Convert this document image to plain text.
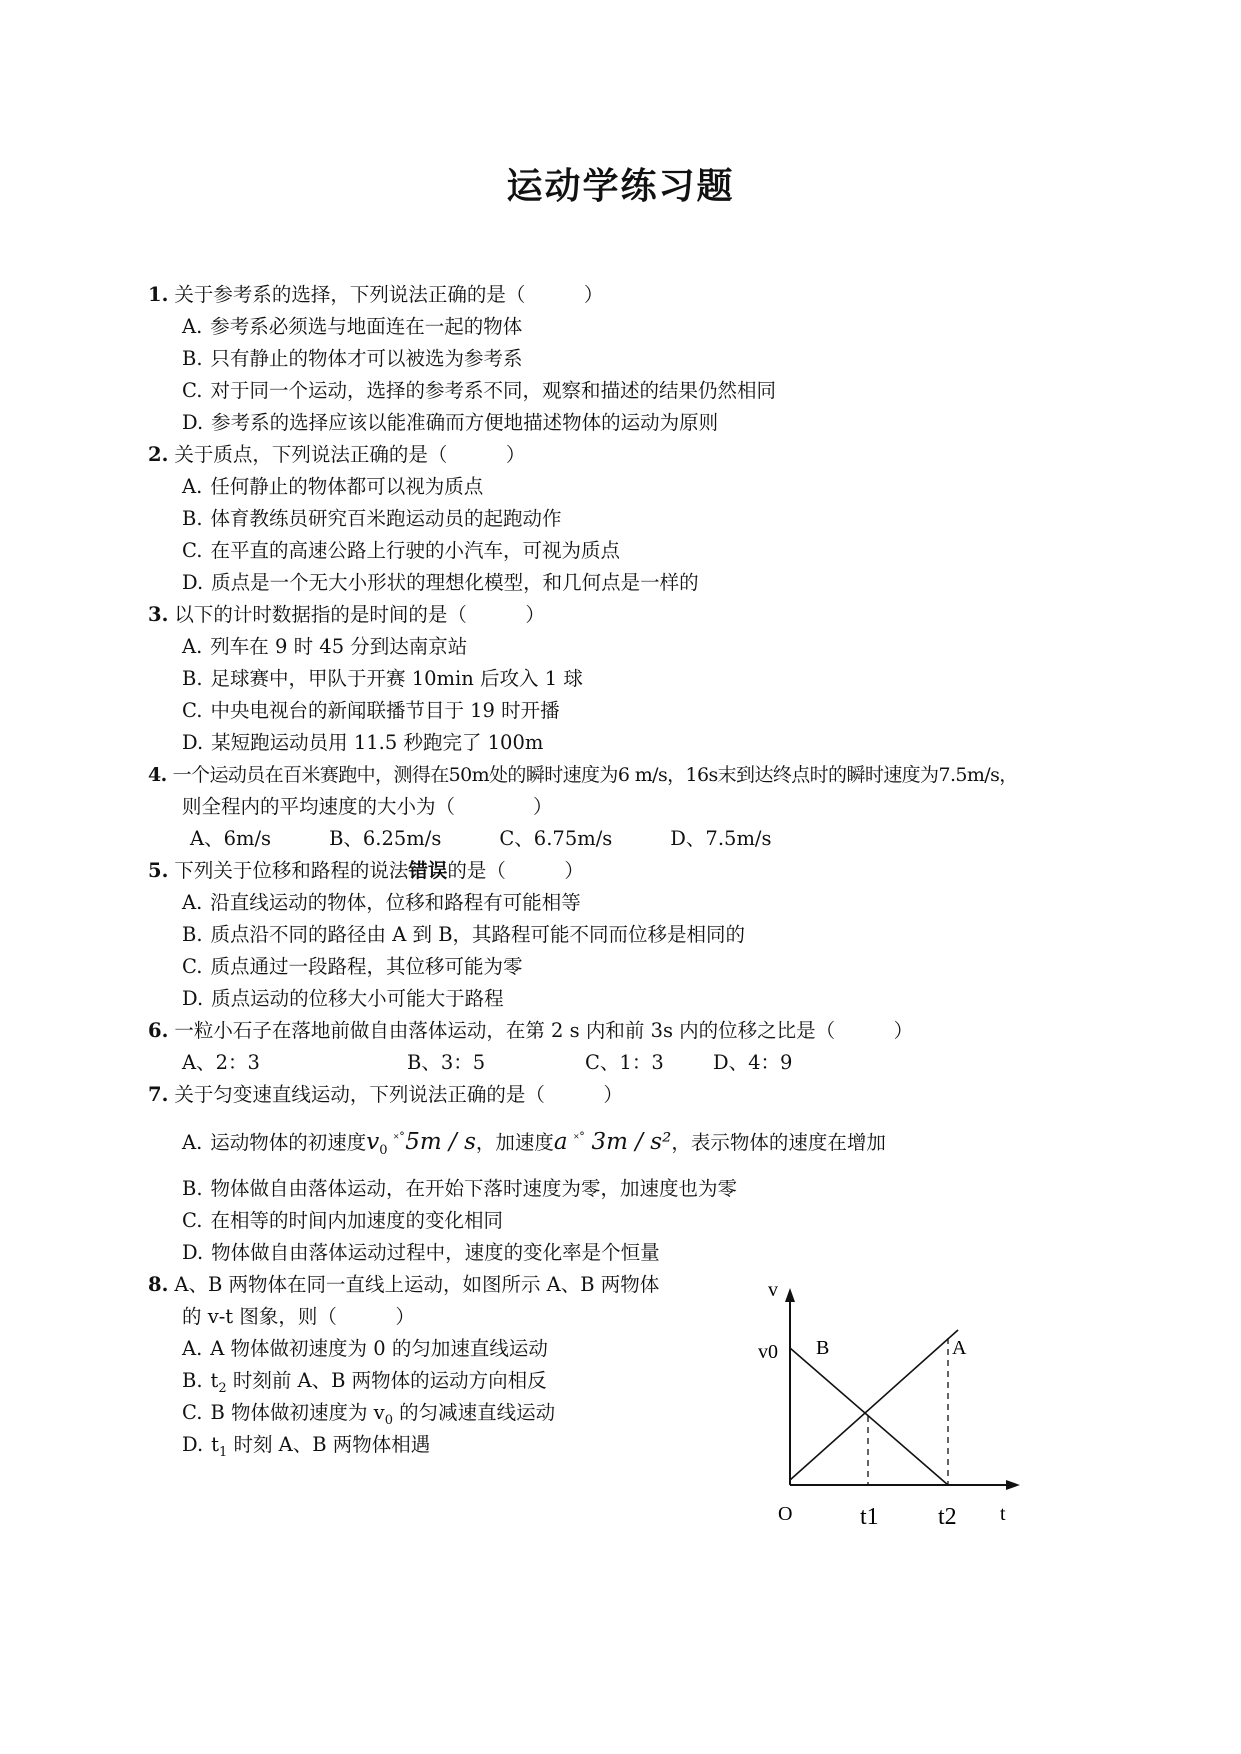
运动学练习题
1. 关于参考系的选择，下列说法正确的是（　　　）
A. 参考系必须选与地面连在一起的物体
B. 只有静止的物体才可以被选为参考系
C. 对于同一个运动，选择的参考系不同，观察和描述的结果仍然相同
D. 参考系的选择应该以能准确而方便地描述物体的运动为原则
2. 关于质点，下列说法正确的是（　　　）
A. 任何静止的物体都可以视为质点
B. 体育教练员研究百米跑运动员的起跑动作
C. 在平直的高速公路上行驶的小汽车，可视为质点
D. 质点是一个无大小形状的理想化模型，和几何点是一样的
3. 以下的计时数据指的是时间的是（　　　）
A. 列车在 9 时 45 分到达南京站
B. 足球赛中，甲队于开赛 10min 后攻入 1 球
C. 中央电视台的新闻联播节目于 19 时开播
D. 某短跑运动员用 11.5 秒跑完了 100m
4. 一个运动员在百米赛跑中，测得在50m处的瞬时速度为6 m/s，16s末到达终点时的瞬时速度为7.5m/s，
则全程内的平均速度的大小为（　　　　）
A、6m/s	B、6.25m/s	C、6.75m/s	D、7.5m/s
5. 下列关于位移和路程的说法错误的是（　　　）
A. 沿直线运动的物体，位移和路程有可能相等
B. 质点沿不同的路径由 A 到 B，其路程可能不同而位移是相同的
C. 质点通过一段路程，其位移可能为零
D. 质点运动的位移大小可能大于路程
6. 一粒小石子在落地前做自由落体运动，在第 2 s 内和前 3s 内的位移之比是（　　　）
A、2：3	B、3：5	C、1：3	D、4：9
7. 关于匀变速直线运动，下列说法正确的是（　　　）
A. 运动物体的初速度$v_0$ ˟˚5m / s，加速度a ˟˚ 3m / s²，表示物体的速度在增加
B. 物体做自由落体运动，在开始下落时速度为零，加速度也为零
C. 在相等的时间内加速度的变化相同
D. 物体做自由落体运动过程中，速度的变化率是个恒量
8. A、B 两物体在同一直线上运动，如图所示 A、B 两物体
的 v-t 图象，则（　　　）
A. A 物体做初速度为 0 的匀加速直线运动
B. $t_2$ 时刻前 A、B 两物体的运动方向相反
C. B 物体做初速度为 $v_0$ 的匀减速直线运动
D. $t_1$ 时刻 A、B 两物体相遇
v
t
O
v0 B	A
t1 t2
